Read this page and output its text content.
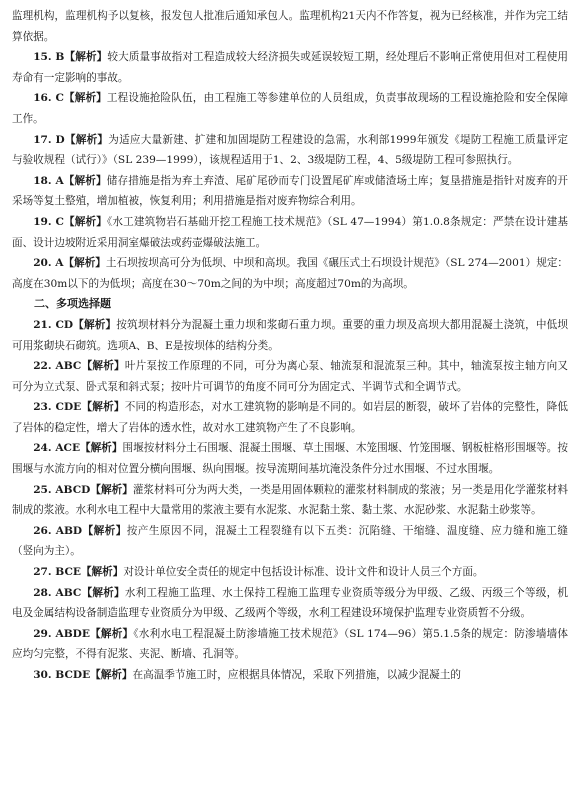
监理机构，监理机构予以复核，报发包人批准后通知承包人。监理机构21天内不作答复，视为已经核准，并作为完工结算依据。

15. B【解析】较大质量事故指对工程造成较大经济损失或延误较短工期，经处理后不影响正常使用但对工程使用寿命有一定影响的事故。

16. C【解析】工程设施抢险队伍，由工程施工等参建单位的人员组成，负责事故现场的工程设施抢险和安全保障工作。

17. D【解析】为适应大量新建、扩建和加固堤防工程建设的急需，水利部1999年颁发《堤防工程施工质量评定与验收规程（试行）》（SL 239—1999），该规程适用于1、2、3级堤防工程，4、5级堤防工程可参照执行。

18. A【解析】储存措施是指为弃土弃渣、尾矿尾砂而专门设置尾矿库或储渣场土库；复垦措施是指针对废弃的开采场等复土整殖，增加植被，恢复利用；利用措施是指对废弃物综合利用。

19. C【解析】《水工建筑物岩石基础开挖工程施工技术规范》（SL 47—1994）第1.0.8条规定：严禁在设计建基面、设计边坡附近采用洞室爆破法或药壶爆破法施工。

20. A【解析】土石坝按坝高可分为低坝、中坝和高坝。我国《碾压式土石坝设计规范》（SL 274—2001）规定：高度在30m以下的为低坝；高度在30～70m之间的为中坝；高度超过70m的为高坝。

二、多项选择题

21. CD【解析】按筑坝材料分为混凝土重力坝和浆砌石重力坝。重要的重力坝及高坝大都用混凝土浇筑，中低坝可用浆砌块石砌筑。选项A、B、E是按坝体的结构分类。

22. ABC【解析】叶片泵按工作原理的不同，可分为离心泵、轴流泵和混流泵三种。其中，轴流泵按主轴方向又可分为立式泵、卧式泵和斜式泵；按叶片可调节的角度不同可分为固定式、半调节式和全调节式。

23. CDE【解析】不同的构造形态，对水工建筑物的影响是不同的。如岩层的断裂，破坏了岩体的完整性，降低了岩体的稳定性，增大了岩体的透水性，故对水工建筑物产生了不良影响。

24. ACE【解析】围堰按材料分土石围堰、混凝土围堰、草土围堰、木笼围堰、竹笼围堰、钢板桩格形围堰等。按围堰与水流方向的相对位置分横向围堰、纵向围堰。按导流期间基坑淹没条件分过水围堰、不过水围堰。

25. ABCD【解析】灌浆材料可分为两大类，一类是用固体颗粒的灌浆材料制成的浆液；另一类是用化学灌浆材料制成的浆液。水利水电工程中大量常用的浆液主要有水泥浆、水泥黏土浆、黏土浆、水泥砂浆、水泥黏土砂浆等。

26. ABD【解析】按产生原因不同，混凝土工程裂缝有以下五类：沉陷缝、干缩缝、温度缝、应力缝和施工缝（竖向为主）。

27. BCE【解析】对设计单位安全责任的规定中包括设计标准、设计文件和设计人员三个方面。

28. ABC【解析】水利工程施工监理、水土保持工程施工监理专业资质等级分为甲级、乙级、丙级三个等级，机电及金属结构设备制造监理专业资质分为甲级、乙级两个等级，水利工程建设环境保护监理专业资质暂不分级。

29. ABDE【解析】《水利水电工程混凝土防渗墙施工技术规范》（SL 174—96）第5.1.5条的规定：防渗墙墙体应均匀完整，不得有泥浆、夹泥、断墙、孔洞等。

30. BCDE【解析】在高温季节施工时，应根据具体情况，采取下列措施，以减少混凝土的
